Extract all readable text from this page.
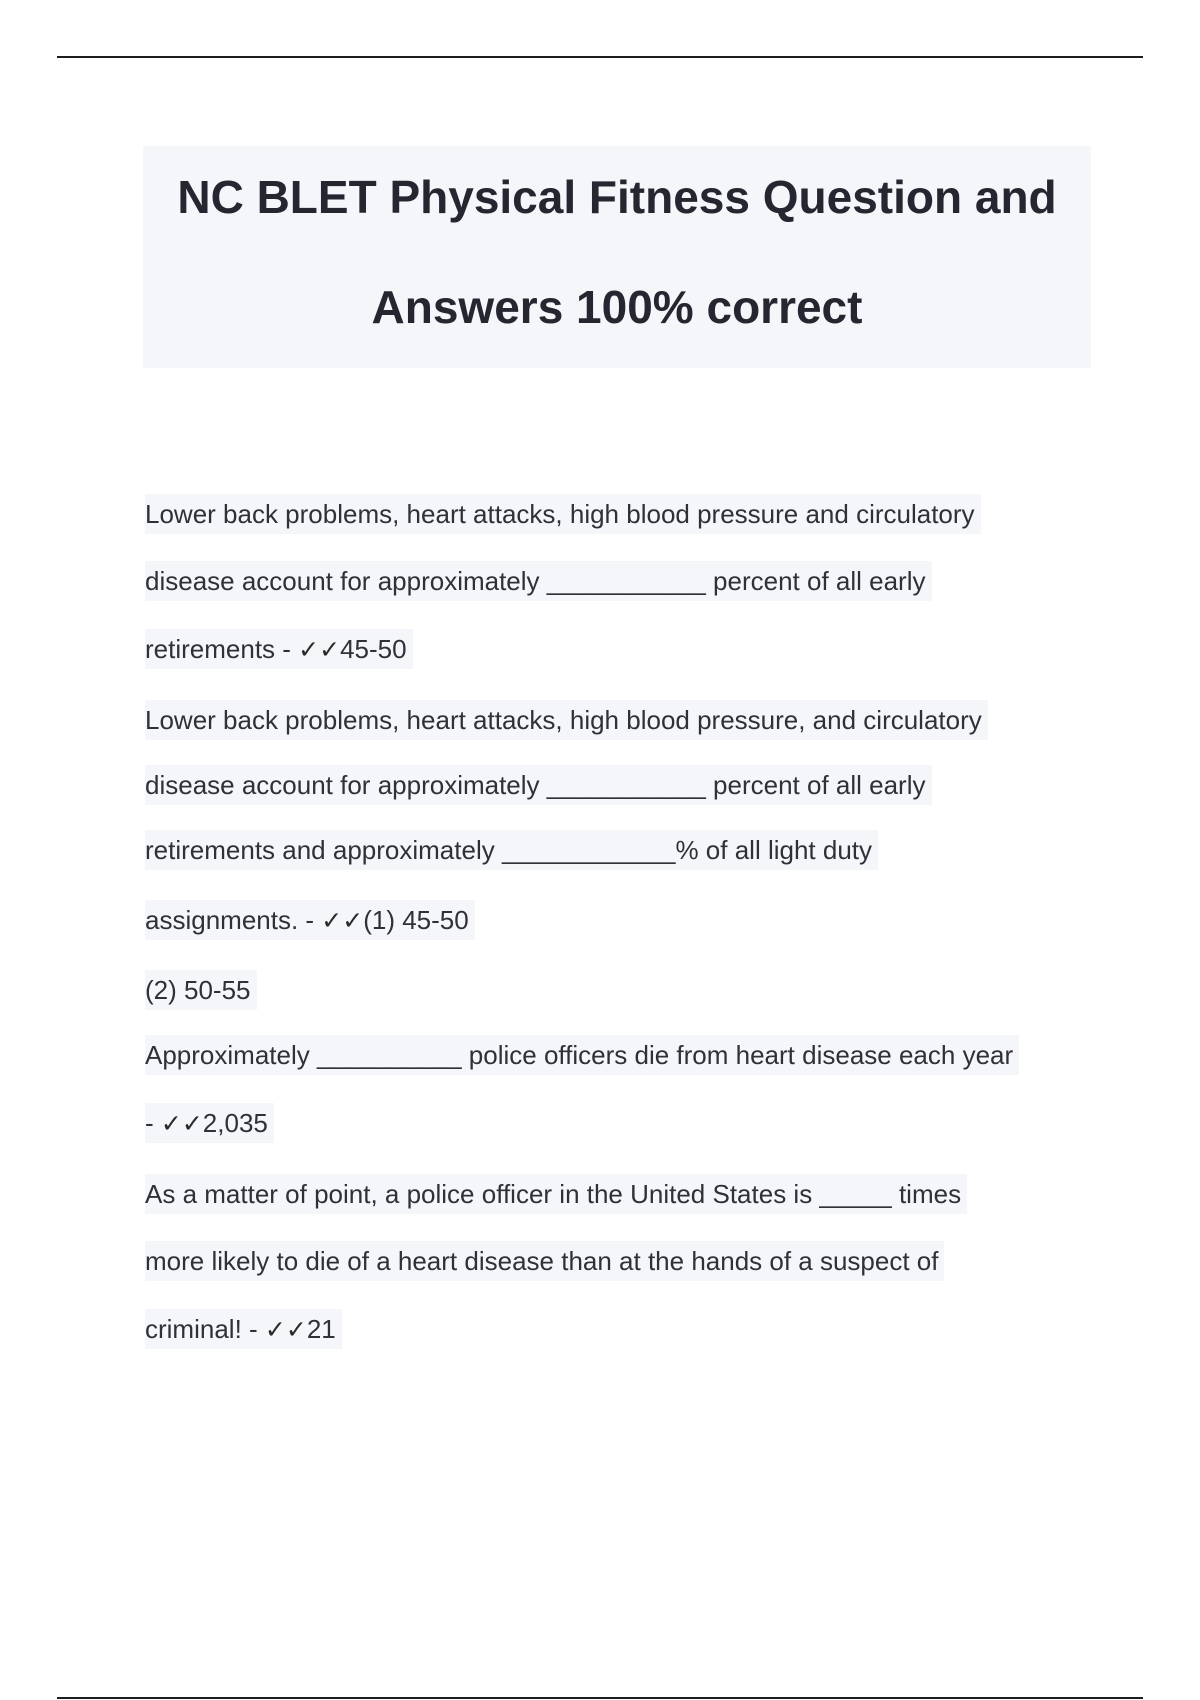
NC BLET Physical Fitness Question and
Answers 100% correct
Lower back problems, heart attacks, high blood pressure and circulatory
disease account for approximately ___________ percent of all early
retirements - ✓✓45-50
Lower back problems, heart attacks, high blood pressure, and circulatory
disease account for approximately ___________ percent of all early
retirements and approximately ____________% of all light duty
assignments. - ✓✓(1) 45-50
(2) 50-55
Approximately __________ police officers die from heart disease each year
- ✓✓2,035
As a matter of point, a police officer in the United States is _____ times
more likely to die of a heart disease than at the hands of a suspect of
criminal! - ✓✓21
